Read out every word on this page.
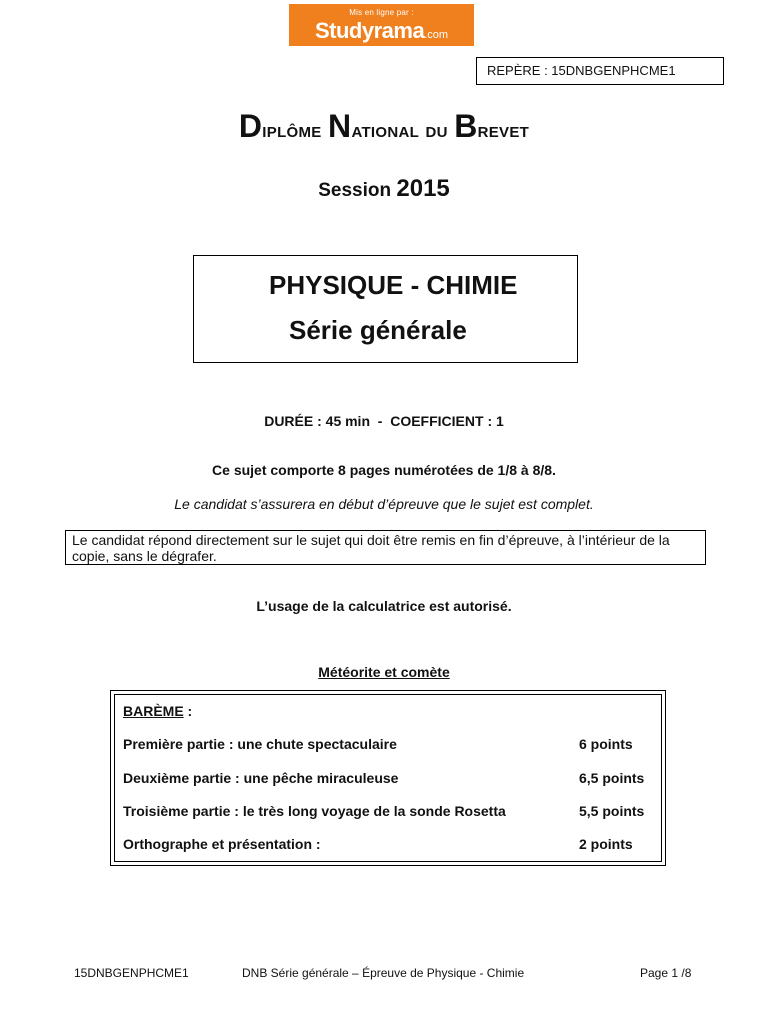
Mis en ligne par :
Studyrama.com
REPÈRE : 15DNBGENPHCME1
Diplôme National du Brevet
Session 2015
PHYSIQUE - CHIMIE
Série générale
DURÉE : 45 min  -  COEFFICIENT : 1
Ce sujet comporte 8 pages numérotées de 1/8 à 8/8.
Le candidat s’assurera en début d’épreuve que le sujet est complet.
Le candidat répond directement sur le sujet qui doit être remis en fin d’épreuve, à l’intérieur de la copie, sans le dégrafer.
L’usage de la calculatrice est autorisé.
Météorite et comète
BARÈME :
Première partie : une chute spectaculaire	6 points
Deuxième partie : une pêche miraculeuse	6,5 points
Troisième partie : le très long voyage de la sonde Rosetta	5,5 points
Orthographe et présentation :	2 points
15DNBGENPHCME1	DNB Série générale – Épreuve de Physique - Chimie	Page 1 /8
